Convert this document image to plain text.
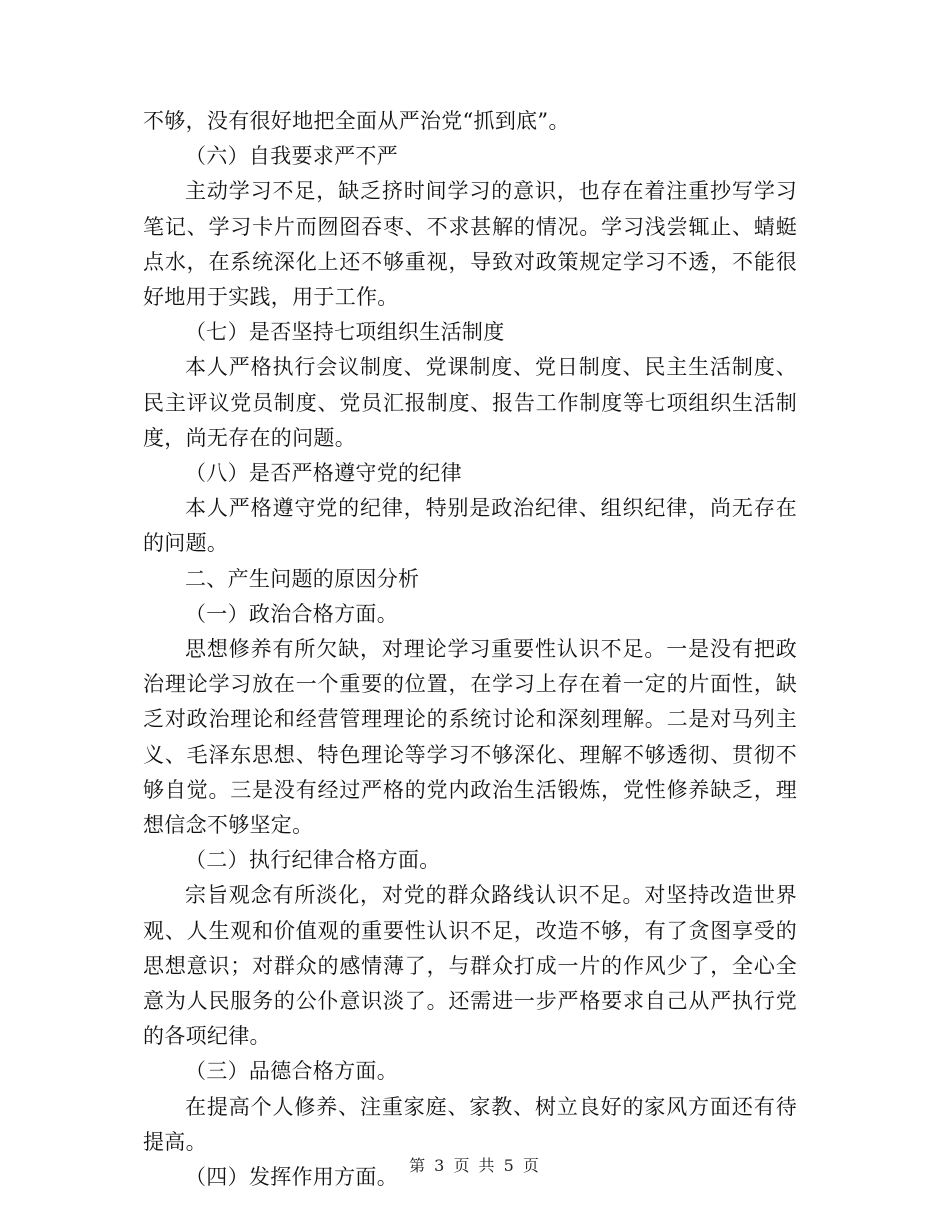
不够，没有很好地把全面从严治党“抓到底”。

（六）自我要求严不严

主动学习不足，缺乏挤时间学习的意识，也存在着注重抄写学习笔记、学习卡片而囫囵吞枣、不求甚解的情况。学习浅尝辄止、蜻蜓点水，在系统深化上还不够重视，导致对政策规定学习不透，不能很好地用于实践，用于工作。

（七）是否坚持七项组织生活制度

本人严格执行会议制度、党课制度、党日制度、民主生活制度、民主评议党员制度、党员汇报制度、报告工作制度等七项组织生活制度，尚无存在的问题。

（八）是否严格遵守党的纪律

本人严格遵守党的纪律，特别是政治纪律、组织纪律，尚无存在的问题。

二、产生问题的原因分析

（一）政治合格方面。

思想修养有所欠缺，对理论学习重要性认识不足。一是没有把政治理论学习放在一个重要的位置，在学习上存在着一定的片面性，缺乏对政治理论和经营管理理论的系统讨论和深刻理解。二是对马列主义、毛泽东思想、特色理论等学习不够深化、理解不够透彻、贯彻不够自觉。三是没有经过严格的党内政治生活锻炼，党性修养缺乏，理想信念不够坚定。

（二）执行纪律合格方面。

宗旨观念有所淡化，对党的群众路线认识不足。对坚持改造世界观、人生观和价值观的重要性认识不足，改造不够，有了贪图享受的思想意识；对群众的感情薄了，与群众打成一片的作风少了，全心全意为人民服务的公仆意识淡了。还需进一步严格要求自己从严执行党的各项纪律。

（三）品德合格方面。

在提高个人修养、注重家庭、家教、树立良好的家风方面还有待提高。

（四）发挥作用方面。 第 3 页 共 5 页
